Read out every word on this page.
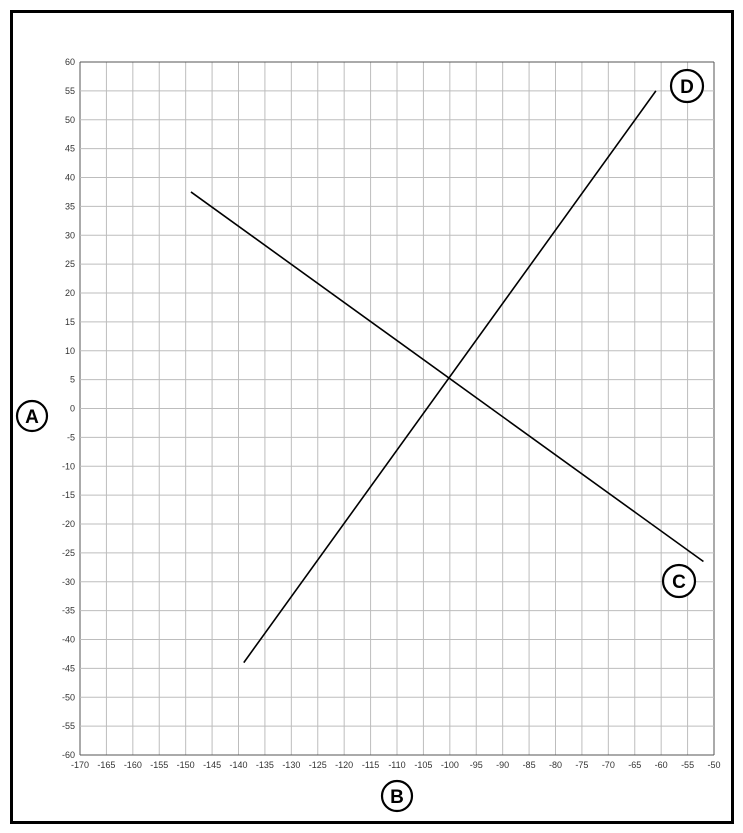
-170 -165 -160 -155 -150 -145 -140 -135 -130 -125 -120 -115 -110 -105 -100 -95 -90 -85 -80 -75 -70 -65 -60 -55 -50
60
55
50
45
40
35
30
25
20
15
10
5
0
-5
-10
-15
-20
-25
-30
-35
-40
-45
-50
-55
-60
A
B
C
D
